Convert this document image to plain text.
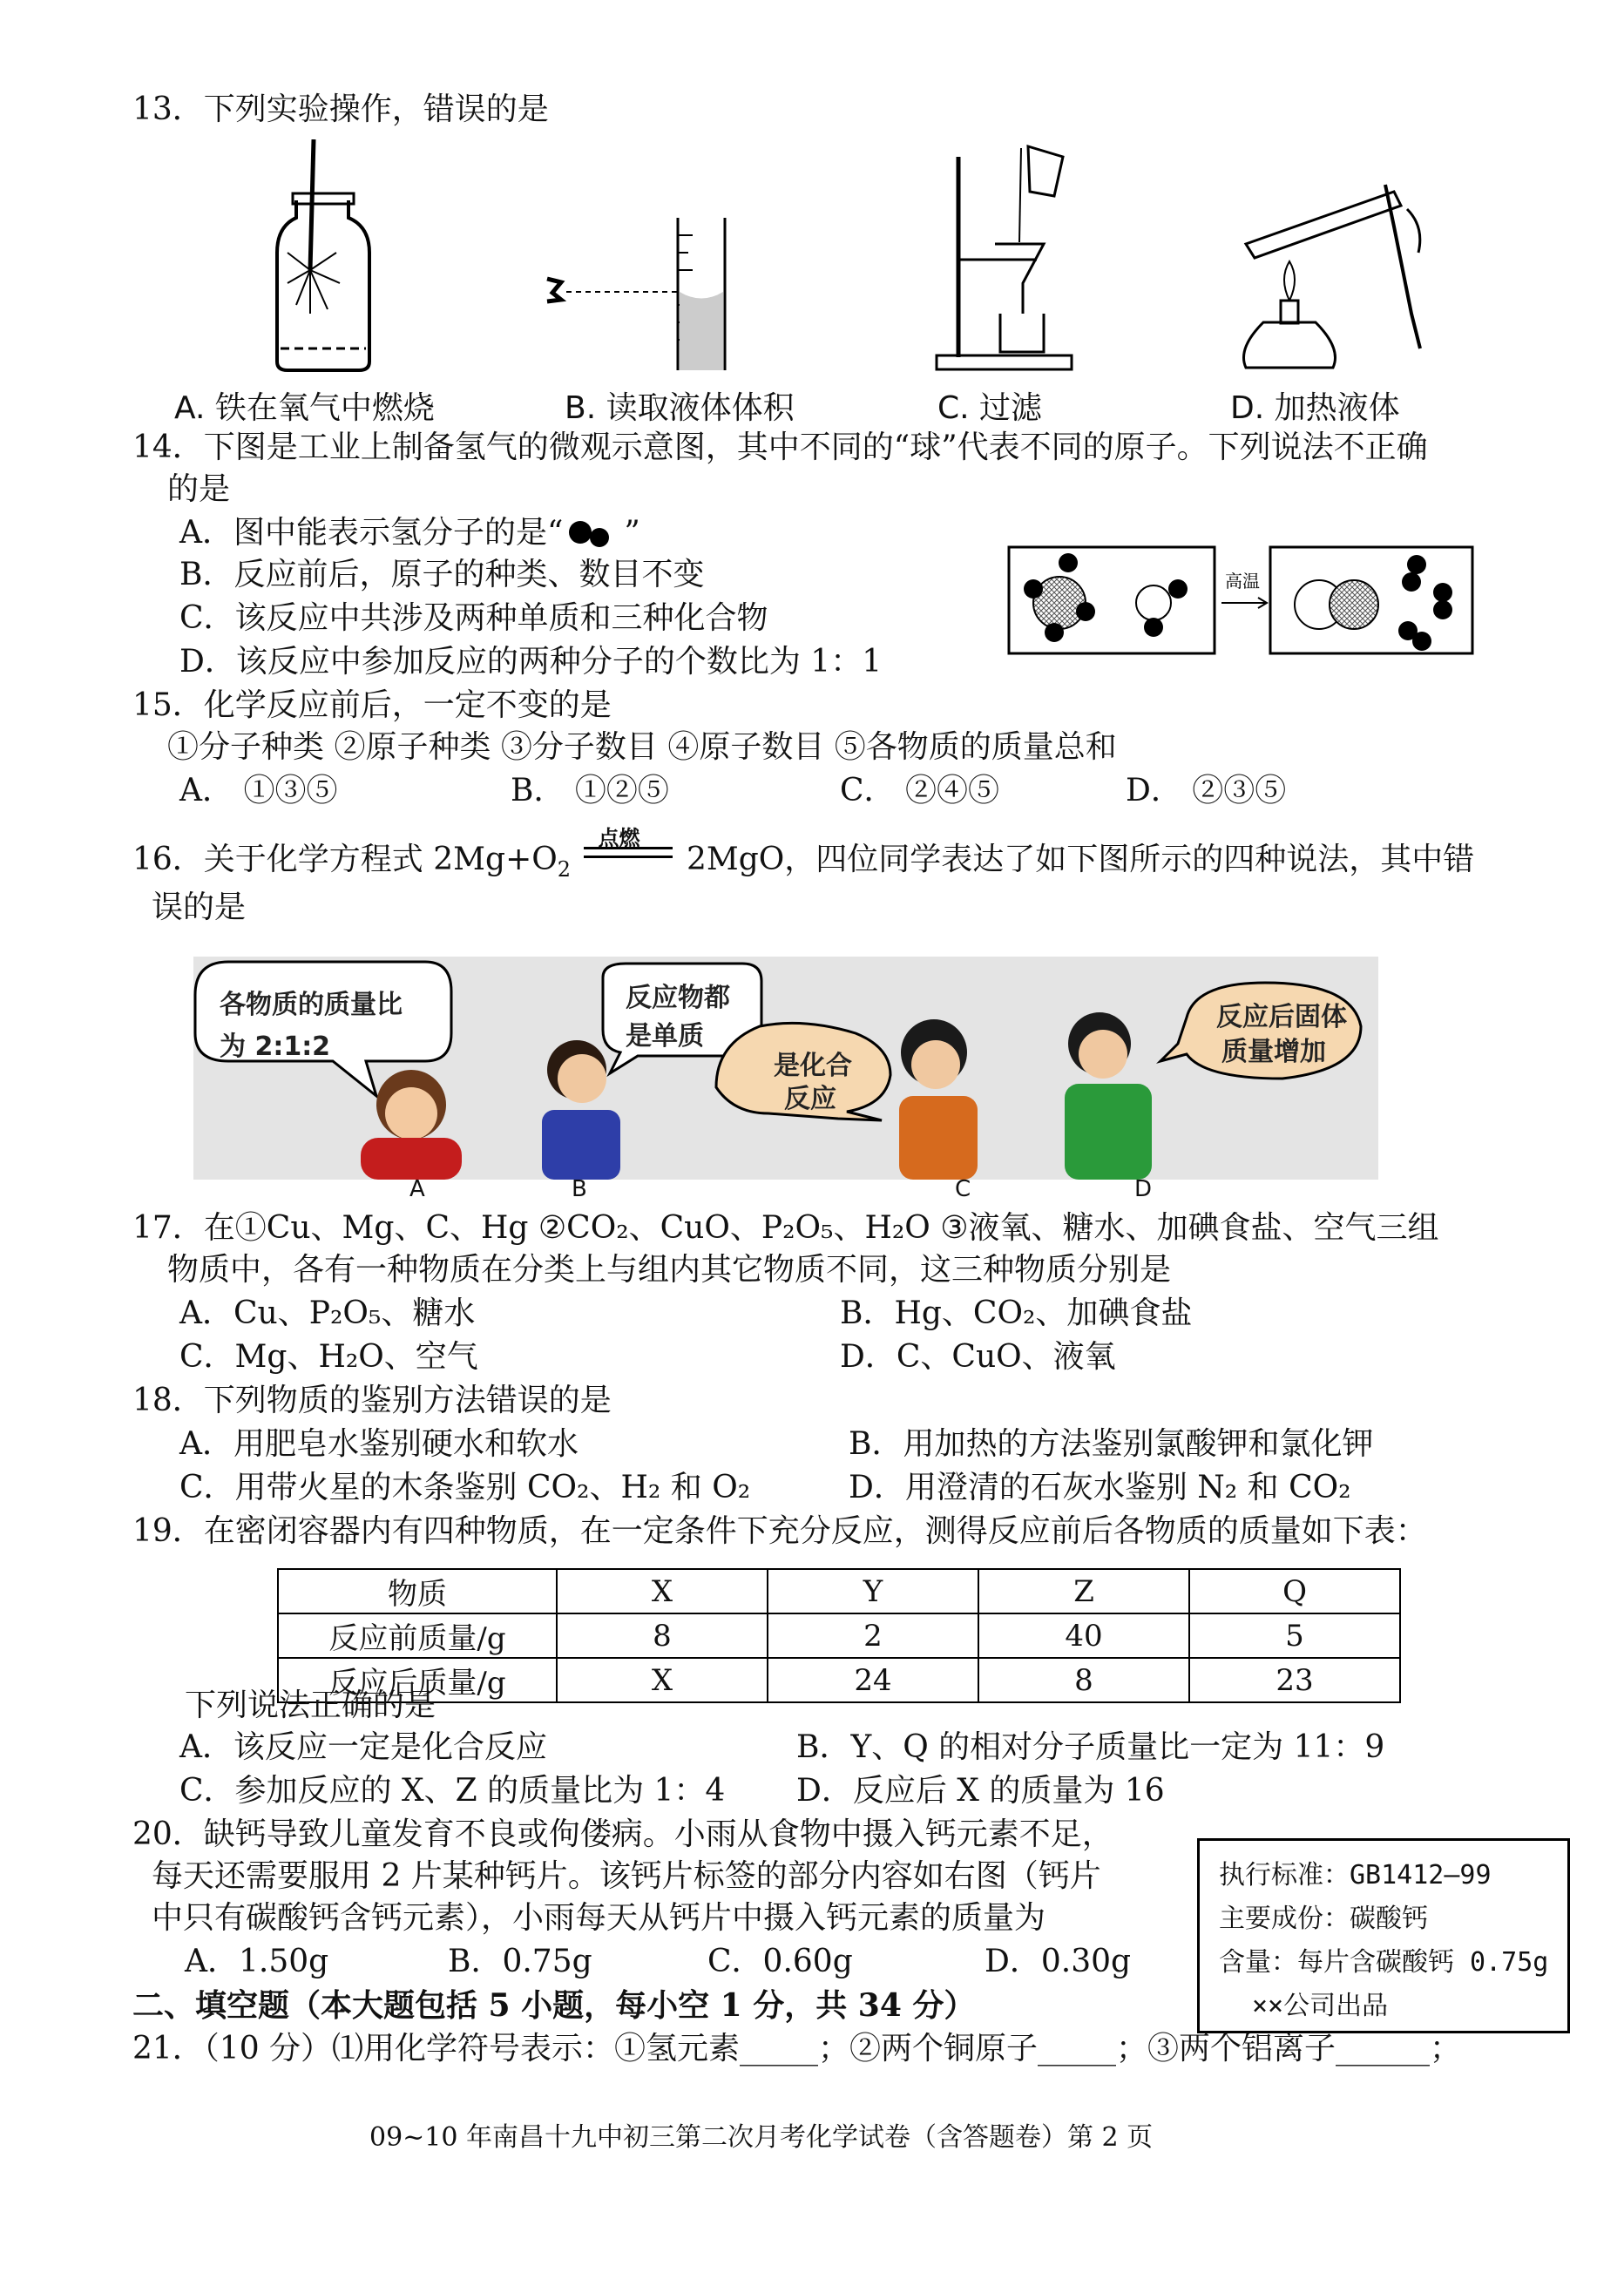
13．下列实验操作，错误的是
A. 铁在氧气中燃烧	B. 读取液体体积	C. 过滤	D. 加热液体
14．下图是工业上制备氢气的微观示意图，其中不同的“球”代表不同的原子。下列说法不正确
的是
A．图中能表示氢分子的是“ ”
B．反应前后，原子的种类、数目不变
C．该反应中共涉及两种单质和三种化合物
D．该反应中参加反应的两种分子的个数比为 1：1
高温
15．化学反应前后，一定不变的是
①分子种类 ②原子种类 ③分子数目 ④原子数目 ⑤各物质的质量总和
A． ①③⑤	B． ①②⑤	C． ②④⑤	D． ②③⑤
16．关于化学方程式 $2Mg+O_2$
点燃
2MgO，四位同学表达了如下图所示的四种说法，其中错
误的是
各物质的质量比
为 2:1:2
反应物都
是单质
是化合
反应
反应后固体
质量增加
A	B	C	D
17．在①Cu、Mg、C、Hg ②CO₂、CuO、P₂O₅、H₂O ③液氧、糖水、加碘食盐、空气三组
物质中，各有一种物质在分类上与组内其它物质不同，这三种物质分别是
A．Cu、P₂O₅、糖水	B．Hg、CO₂、加碘食盐
C．Mg、H₂O、空气	D．C、CuO、液氧
18．下列物质的鉴别方法错误的是
A．用肥皂水鉴别硬水和软水	B．用加热的方法鉴别氯酸钾和氯化钾
C．用带火星的木条鉴别 CO₂、H₂ 和 O₂	D．用澄清的石灰水鉴别 N₂ 和 CO₂
19．在密闭容器内有四种物质，在一定条件下充分反应，测得反应前后各物质的质量如下表：
物质	X	Y	Z	Q
反应前质量/g	8	2	40	5
反应后质量/g	X	24	8	23
下列说法正确的是
A．该反应一定是化合反应	B．Y、Q 的相对分子质量比一定为 11：9
C．参加反应的 X、Z 的质量比为 1：4 D．反应后 X 的质量为 16
20．缺钙导致儿童发育不良或佝偻病。小雨从食物中摄入钙元素不足，
每天还需要服用 2 片某种钙片。该钙片标签的部分内容如右图（钙片
中只有碳酸钙含钙元素），小雨每天从钙片中摄入钙元素的质量为
A．1.50g	B．0.75g	C．0.60g	D．0.30g
执行标准：GB1412—99
主要成份：碳酸钙
含量：每片含碳酸钙 0.75g
××公司出品
二、填空题（本大题包括 5 小题，每小空 1 分，共 34 分）
21．（10 分）⑴用化学符号表示：①氢元素_____；②两个铜原子_____；③两个铝离子______；
09~10 年南昌十九中初三第二次月考化学试卷（含答题卷）第 2 页
